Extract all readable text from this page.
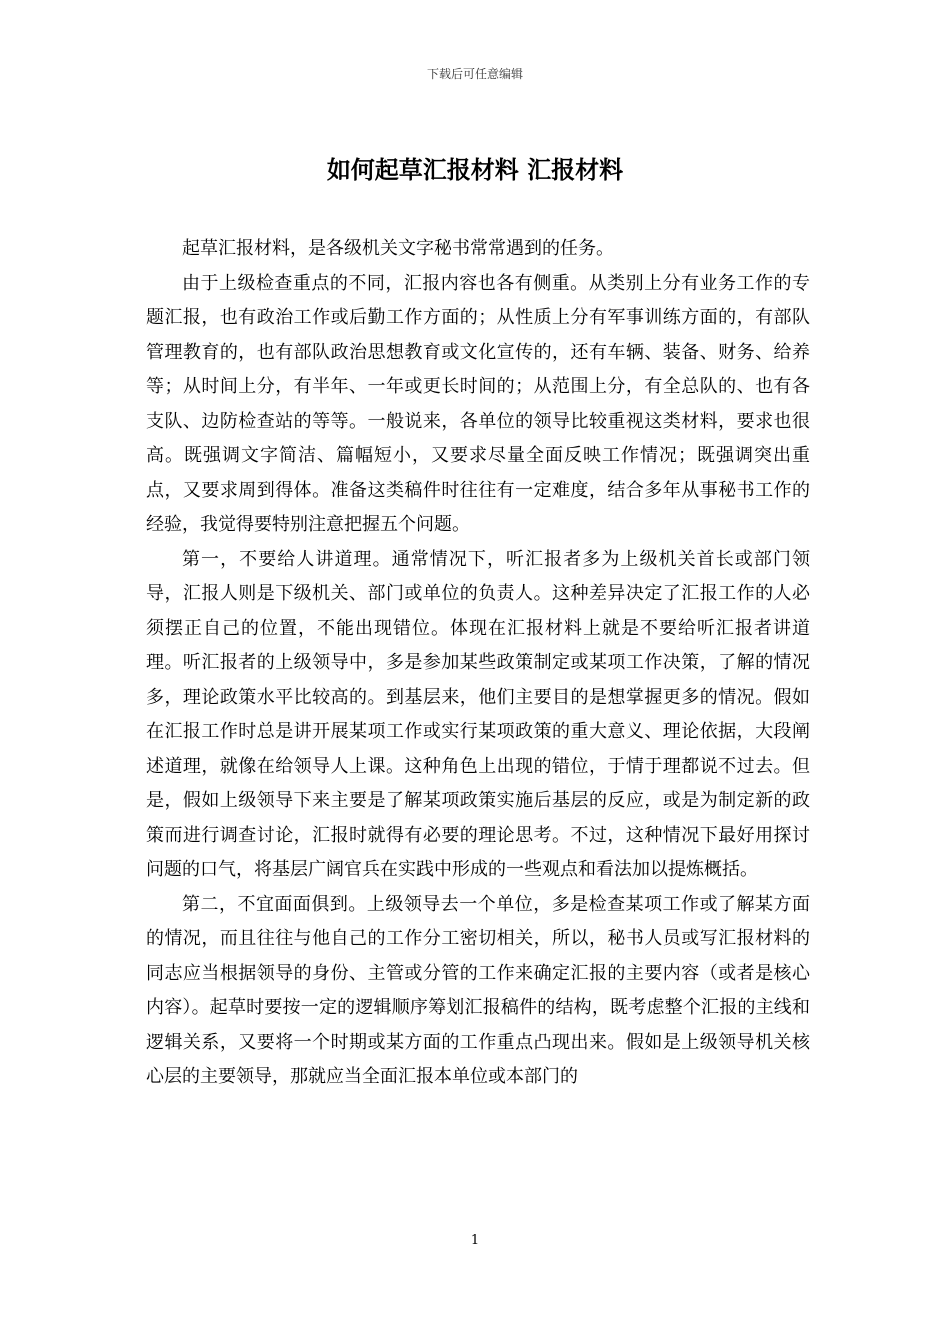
下载后可任意编辑
如何起草汇报材料 汇报材料

起草汇报材料，是各级机关文字秘书常常遇到的任务。

由于上级检查重点的不同，汇报内容也各有侧重。从类别上分有业务工作的专题汇报，也有政治工作或后勤工作方面的；从性质上分有军事训练方面的，有部队管理教育的，也有部队政治思想教育或文化宣传的，还有车辆、装备、财务、给养等；从时间上分，有半年、一年或更长时间的；从范围上分，有全总队的、也有各支队、边防检查站的等等。一般说来，各单位的领导比较重视这类材料，要求也很高。既强调文字简洁、篇幅短小，又要求尽量全面反映工作情况；既强调突出重点，又要求周到得体。准备这类稿件时往往有一定难度，结合多年从事秘书工作的经验，我觉得要特别注意把握五个问题。

第一，不要给人讲道理。通常情况下，听汇报者多为上级机关首长或部门领导，汇报人则是下级机关、部门或单位的负责人。这种差异决定了汇报工作的人必须摆正自己的位置，不能出现错位。体现在汇报材料上就是不要给听汇报者讲道理。听汇报者的上级领导中，多是参加某些政策制定或某项工作决策，了解的情况多，理论政策水平比较高的。到基层来，他们主要目的是想掌握更多的情况。假如在汇报工作时总是讲开展某项工作或实行某项政策的重大意义、理论依据，大段阐述道理，就像在给领导人上课。这种角色上出现的错位，于情于理都说不过去。但是，假如上级领导下来主要是了解某项政策实施后基层的反应，或是为制定新的政策而进行调查讨论，汇报时就得有必要的理论思考。不过，这种情况下最好用探讨问题的口气，将基层广阔官兵在实践中形成的一些观点和看法加以提炼概括。

第二，不宜面面俱到。上级领导去一个单位，多是检查某项工作或了解某方面的情况，而且往往与他自己的工作分工密切相关，所以，秘书人员或写汇报材料的同志应当根据领导的身份、主管或分管的工作来确定汇报的主要内容（或者是核心内容）。起草时要按一定的逻辑顺序筹划汇报稿件的结构，既考虑整个汇报的主线和逻辑关系，又要将一个时期或某方面的工作重点凸现出来。假如是上级领导机关核心层的主要领导，那就应当全面汇报本单位或本部门的

1
